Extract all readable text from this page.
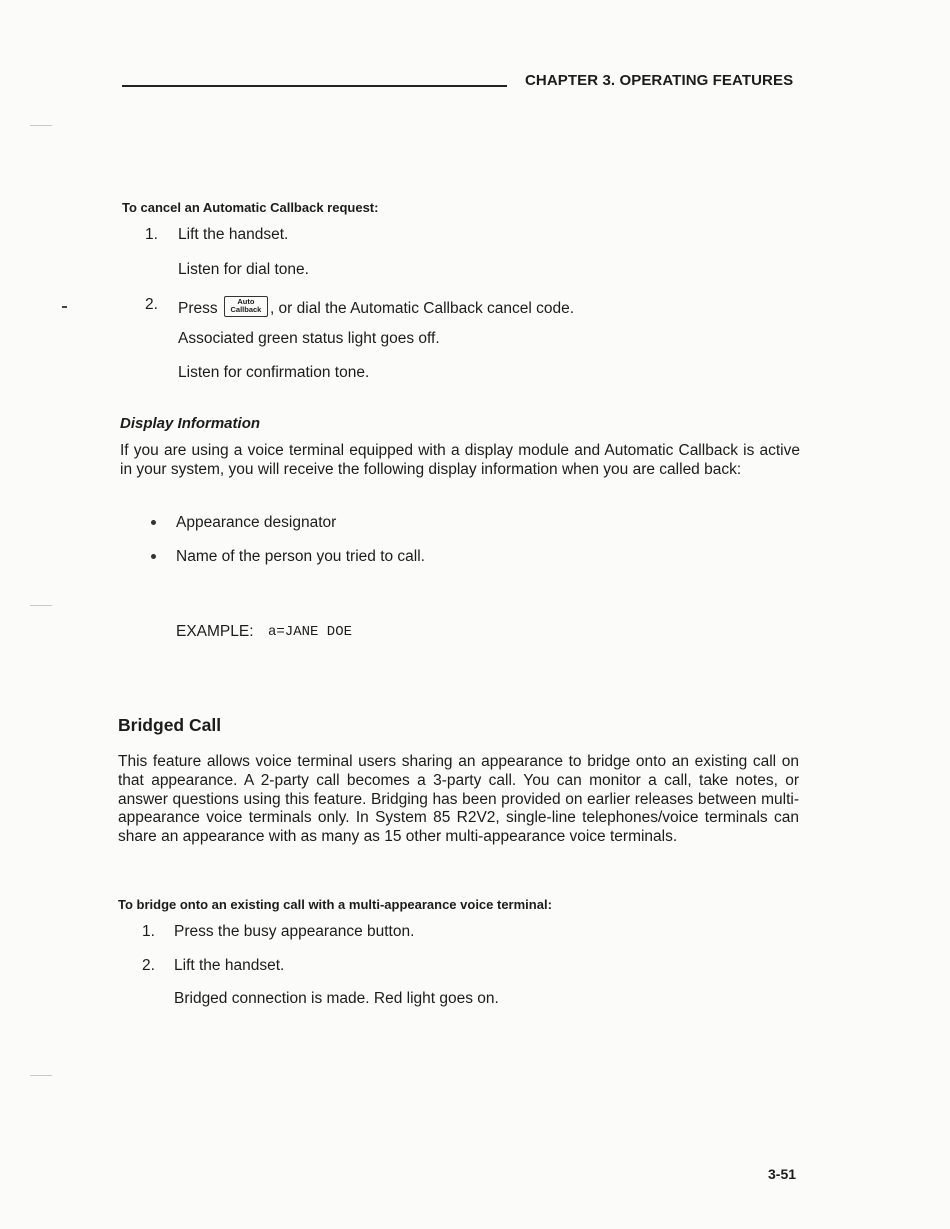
CHAPTER 3. OPERATING FEATURES
To cancel an Automatic Callback request:
1. Lift the handset.
Listen for dial tone.
2. Press	Auto
Callback , or dial the Automatic Callback cancel code.
Associated green status light goes off.
Listen for confirmation tone.
Display Information
If you are using a voice terminal equipped with a display module and Automatic Callback is active in your system, you will receive the following display information when you are called back:
Appearance designator
Name of the person you tried to call.
EXAMPLE: a=JANE DOE
Bridged Call
This feature allows voice terminal users sharing an appearance to bridge onto an existing call on that appearance. A 2-party call becomes a 3-party call. You can monitor a call, take notes, or answer questions using this feature. Bridging has been provided on earlier releases between multi-appearance voice terminals only. In System 85 R2V2, single-line telephones/voice terminals can share an appearance with as many as 15 other multi-appearance voice terminals.
To bridge onto an existing call with a multi-appearance voice terminal:
1. Press the busy appearance button.
2. Lift the handset.
Bridged connection is made. Red light goes on.
3-51
